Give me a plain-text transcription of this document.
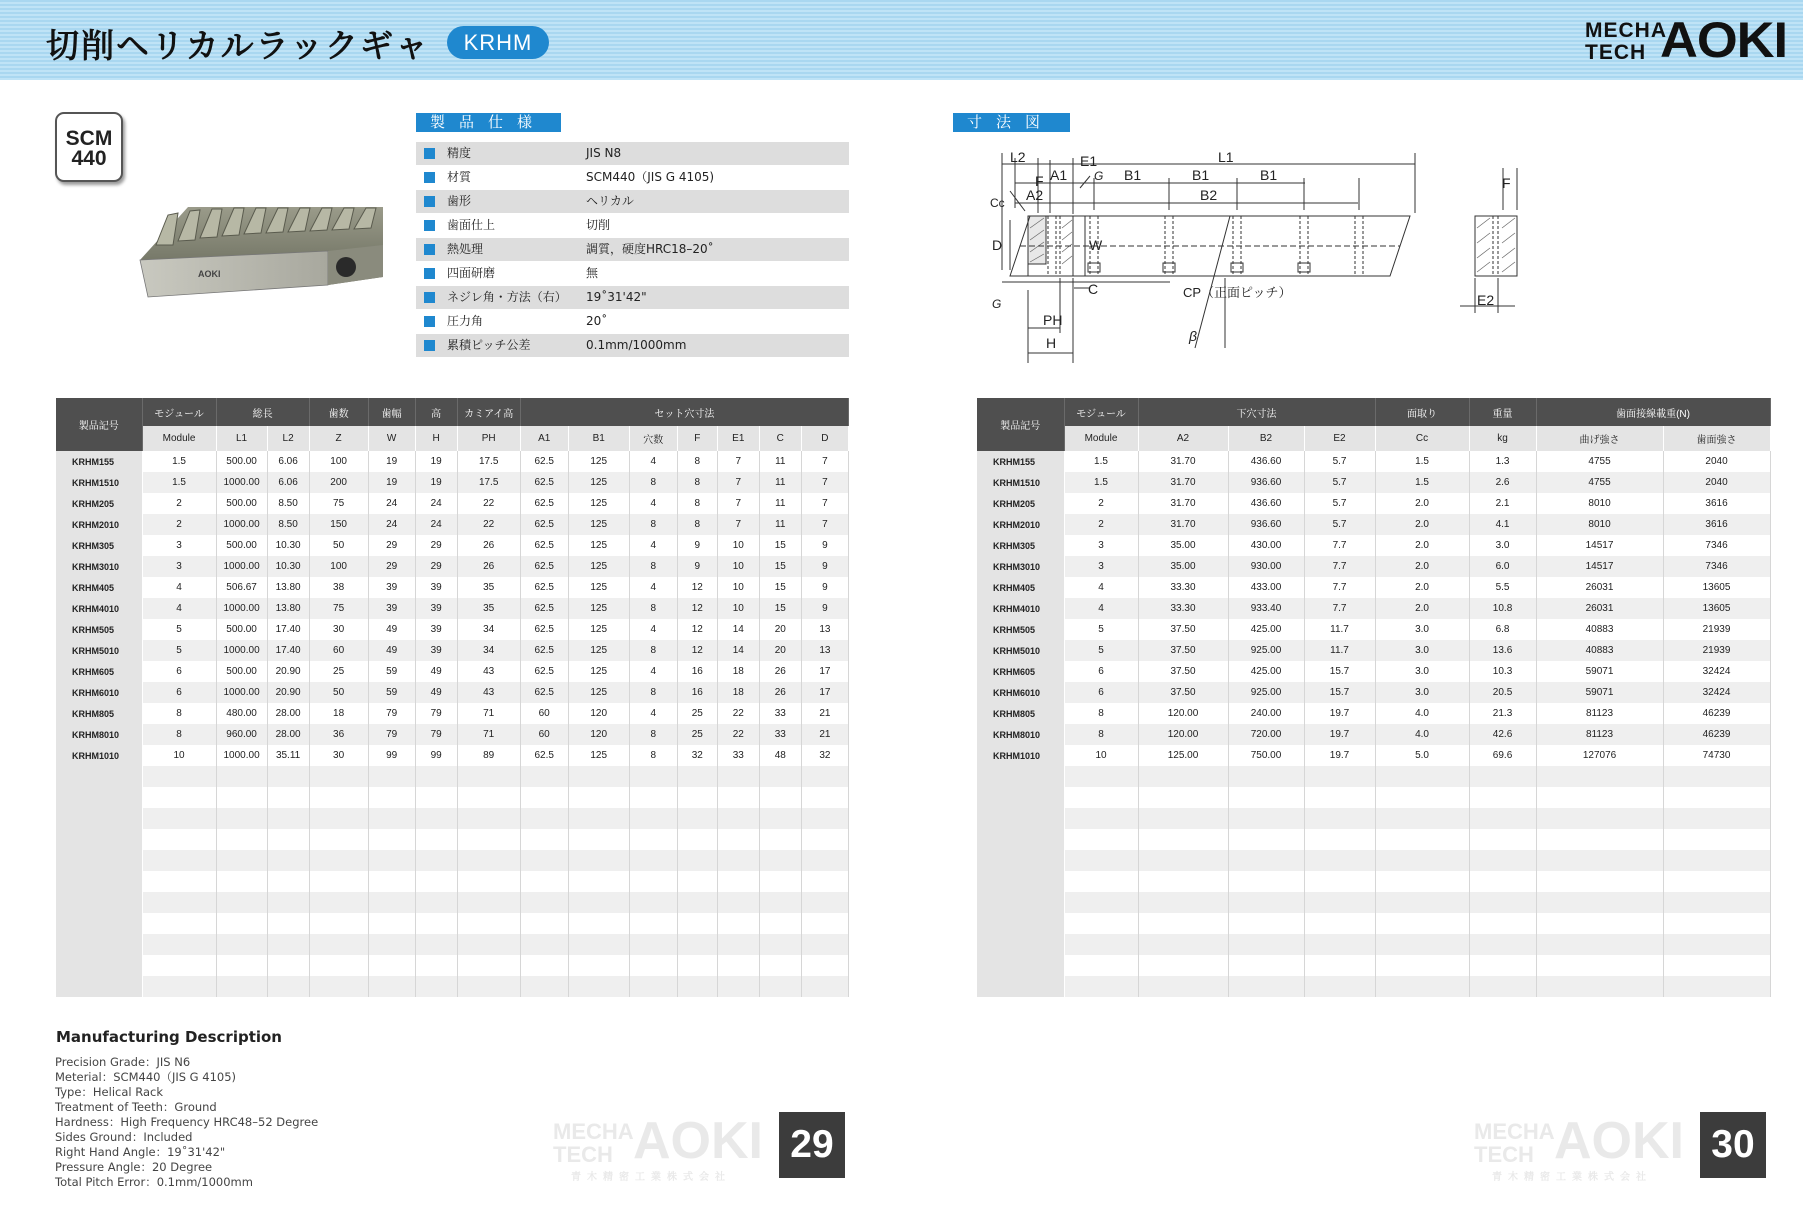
切削ヘリカルラックギャ	KRHM	MECHA
TECH AOKI
SCM
440
AOKI
製品仕様
精度	JIS N8
材質	SCM440（JIS G 4105)
歯形	ヘリカル
歯面仕上	切削
熱処理	調質，硬度HRC18–20˚
四面研磨	無
ネジレ角・方法（右） 19˚31'42"
圧力角	20˚
累積ピッチ公差	0.1mm/1000mm
寸法図
E1
L2	L1
A1	B1	B1	B1
A2	B2
F
Cc
G
D	W
C
G
PH
H
CP（正面ピッチ）
β
F
E2
製品記号	モジュール	総長		歯数	歯幅	高	カミアイ高	セット穴寸法						
	Module	L1	L2	Z	W	H	PH	A1	B1	穴数	F	E1	C	D
KRHM155	1.5	500.00	6.06	100	19	19	17.5	62.5	125	4	8	7	11	7
KRHM1510	1.5	1000.00	6.06	200	19	19	17.5	62.5	125	8	8	7	11	7
KRHM205	2	500.00	8.50	75	24	24	22	62.5	125	4	8	7	11	7
KRHM2010	2	1000.00	8.50	150	24	24	22	62.5	125	8	8	7	11	7
KRHM305	3	500.00	10.30	50	29	29	26	62.5	125	4	9	10	15	9
KRHM3010	3	1000.00	10.30	100	29	29	26	62.5	125	8	9	10	15	9
KRHM405	4	506.67	13.80	38	39	39	35	62.5	125	4	12	10	15	9
KRHM4010	4	1000.00	13.80	75	39	39	35	62.5	125	8	12	10	15	9
KRHM505	5	500.00	17.40	30	49	39	34	62.5	125	4	12	14	20	13
KRHM5010	5	1000.00	17.40	60	49	39	34	62.5	125	8	12	14	20	13
KRHM605	6	500.00	20.90	25	59	49	43	62.5	125	4	16	18	26	17
KRHM6010	6	1000.00	20.90	50	59	49	43	62.5	125	8	16	18	26	17
KRHM805	8	480.00	28.00	18	79	79	71	60	120	4	25	22	33	21
KRHM8010	8	960.00	28.00	36	79	79	71	60	120	8	25	22	33	21
KRHM1010	10	1000.00	35.11	30	99	99	89	62.5	125	8	32	33	48	32

製品記号	モジュール	下穴寸法			面取り	重量	歯面接線載重(N)	
	Module	A2	B2	E2	Cc	kg	曲げ強さ	歯面強さ
KRHM155	1.5	31.70	436.60	5.7	1.5	1.3	4755	2040
KRHM1510	1.5	31.70	936.60	5.7	1.5	2.6	4755	2040
KRHM205	2	31.70	436.60	5.7	2.0	2.1	8010	3616
KRHM2010	2	31.70	936.60	5.7	2.0	4.1	8010	3616
KRHM305	3	35.00	430.00	7.7	2.0	3.0	14517	7346
KRHM3010	3	35.00	930.00	7.7	2.0	6.0	14517	7346
KRHM405	4	33.30	433.00	7.7	2.0	5.5	26031	13605
KRHM4010	4	33.30	933.40	7.7	2.0	10.8	26031	13605
KRHM505	5	37.50	425.00	11.7	3.0	6.8	40883	21939
KRHM5010	5	37.50	925.00	11.7	3.0	13.6	40883	21939
KRHM605	6	37.50	425.00	15.7	3.0	10.3	59071	32424
KRHM6010	6	37.50	925.00	15.7	3.0	20.5	59071	32424
KRHM805	8	120.00	240.00	19.7	4.0	21.3	81123	46239
KRHM8010	8	120.00	720.00	19.7	4.0	42.6	81123	46239
KRHM1010	10	125.00	750.00	19.7	5.0	69.6	127076	74730

Manufacturing Description
Precision Grade：JIS N6
Meterial：SCM440（JIS G 4105)
Type：Helical Rack
Treatment of Teeth：Ground
Hardness：High Frequency HRC48–52 Degree
Sides Ground：Included
Right Hand Angle：19˚31'42"
Pressure Angle：20 Degree
Total Pitch Error：0.1mm/1000mm
MECHA
TECH AOKI
青木精密工業株式会社
29	MECHA
TECH AOKI
青木精密工業株式会社
30
